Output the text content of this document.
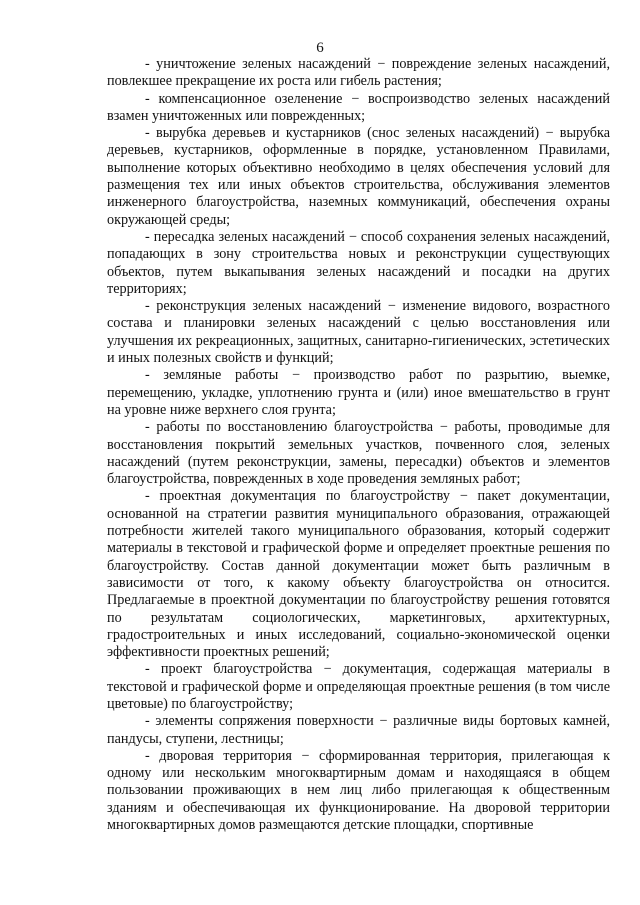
6

- уничтожение зеленых насаждений − повреждение зеленых насаждений, повлекшее прекращение их роста или гибель растения;

- компенсационное озеленение − воспроизводство зеленых насаждений взамен уничтоженных или поврежденных;

- вырубка деревьев и кустарников (снос зеленых насаждений) − вырубка деревьев, кустарников, оформленные в порядке, установленном Правилами, выполнение которых объективно необходимо в целях обеспечения условий для размещения тех или иных объектов строительства, обслуживания элементов инженерного благоустройства, наземных коммуникаций, обеспечения охраны окружающей среды;

- пересадка зеленых насаждений − способ сохранения зеленых насаждений, попадающих в зону строительства новых и реконструкции существующих объектов, путем выкапывания зеленых насаждений и посадки на других территориях;

- реконструкция зеленых насаждений − изменение видового, возрастного состава и планировки зеленых насаждений с целью восстановления или улучшения их рекреационных, защитных, санитарно-гигиенических, эстетических и иных полезных свойств и функций;

- земляные работы − производство работ по разрытию, выемке, перемещению, укладке, уплотнению грунта и (или) иное вмешательство в грунт на уровне ниже верхнего слоя грунта;

- работы по восстановлению благоустройства − работы, проводимые для восстановления покрытий земельных участков, почвенного слоя, зеленых насаждений (путем реконструкции, замены, пересадки) объектов и элементов благоустройства, поврежденных в ходе проведения земляных работ;

- проектная документация по благоустройству − пакет документации, основанной на стратегии развития муниципального образования, отражающей потребности жителей такого муниципального образования, который содержит материалы в текстовой и графической форме и определяет проектные решения по благоустройству. Состав данной документации может быть различным в зависимости от того, к какому объекту благоустройства он относится. Предлагаемые в проектной документации по благоустройству решения готовятся по результатам социологических, маркетинговых, архитектурных, градостроительных и иных исследований, социально-экономической оценки эффективности проектных решений;

- проект благоустройства − документация, содержащая материалы в текстовой и графической форме и определяющая проектные решения (в том числе цветовые) по благоустройству;

- элементы сопряжения поверхности − различные виды бортовых камней, пандусы, ступени, лестницы;

- дворовая территория − сформированная территория, прилегающая к одному или нескольким многоквартирным домам и находящаяся в общем пользовании проживающих в нем лиц либо прилегающая к общественным зданиям и обеспечивающая их функционирование. На дворовой территории многоквартирных домов размещаются детские площадки, спортивные
